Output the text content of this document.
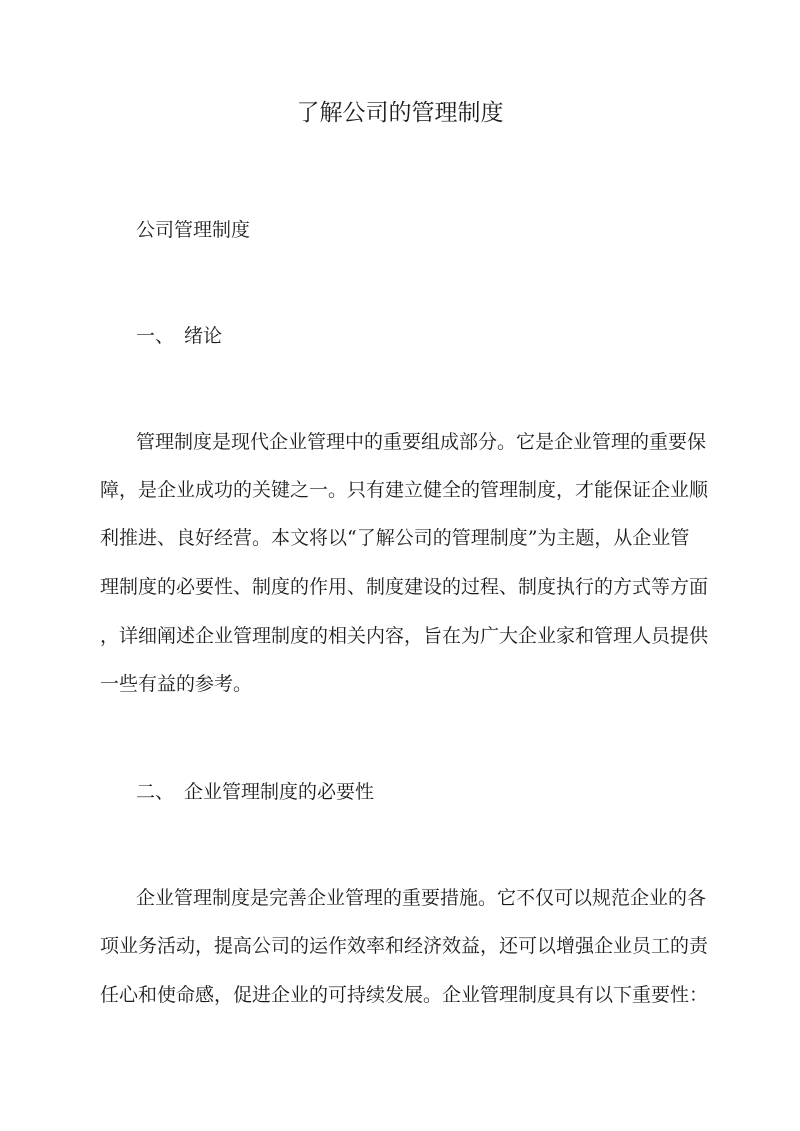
了解公司的管理制度

公司管理制度

一、 绪论

管理制度是现代企业管理中的重要组成部分。它是企业管理的重要保

障，是企业成功的关键之一。只有建立健全的管理制度，才能保证企业顺

利推进、良好经营。本文将以“了解公司的管理制度”为主题，从企业管

理制度的必要性、制度的作用、制度建设的过程、制度执行的方式等方面

，详细阐述企业管理制度的相关内容，旨在为广大企业家和管理人员提供

一些有益的参考。

二、 企业管理制度的必要性

企业管理制度是完善企业管理的重要措施。它不仅可以规范企业的各

项业务活动，提高公司的运作效率和经济效益，还可以增强企业员工的责

任心和使命感，促进企业的可持续发展。企业管理制度具有以下重要性：
